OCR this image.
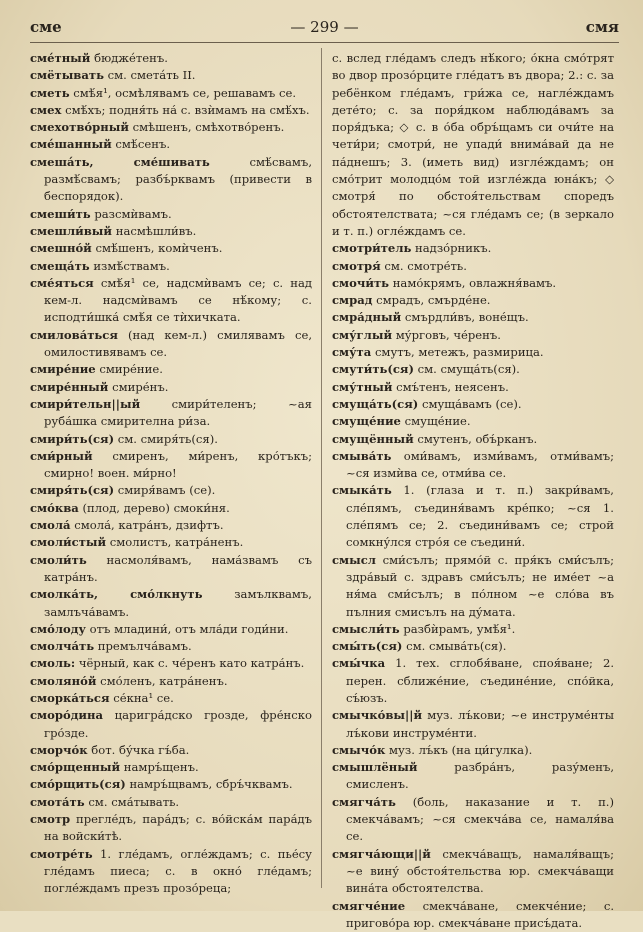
сме	— 299 —	смя

смéтный бюджéтенъ.

смётывать см. сметáть II.

сметь смѣ́я¹, осмѣлявамъ се, решавамъ се.

смех смѣ́хъ; подня́ть на́ с. взѝмамъ на смѣ́хъ.

смехотво́рный смѣшенъ, смѣхотво́ренъ.

смéшанный смѣ́сенъ.

смешáть, сме́шивать	смѣ́свамъ, размѣ́свамъ; разбъ́рквамъ (привести в беспорядок).

смеши́ть разсмѝвамъ.

смешли́вый насмѣшли́въ.

смешно́й смѣ́шенъ, комѝченъ.

смещáть измѣ́ствамъ.

сме́яться смѣ́я¹ се, надсмѝвамъ се; с. над кем-л. надсмѝвамъ се нѣ́кому; с. исподти́шка́ смѣ́я се тѝхичката.

смилова́ться (над кем-л.) смилявамъ се, омилостивявамъ се.

смире́ние смире́ние.

смире́нный смире́нъ.

смири́тельн||ый	смири́теленъ; ~ая руба́шка смирителна ри́за.

смири́ть(ся) см. смиря́ть(ся).

сми́рный смиренъ, ми́ренъ, кро́тъкъ; смирно! воен. ми́рно!

смиря́ть(ся) смиря́вамъ (се).

смо́ква (плод, дерево) смоки́ня.

смола́ смола́, катра́нъ, дзифтъ.

смоли́стый смолистъ, катра́ненъ.

смоли́ть насмоля́вамъ, нама́звамъ съ катра́нъ.

смолка́ть, смо́лкнуть	замълквамъ, замлъча́вамъ.

смо́лоду отъ младини́, отъ мла́ди годи́ни.

смолча́ть премълча́вамъ.

смоль: чёрный, как с. че́ренъ като катра́нъ.

смоляно́й смо́ленъ, катра́ненъ.

сморка́ться се́кна¹ се.

сморо́дина царигра́дско грозде, фре́нско гро́зде.

сморчо́к бот. бу́чка гъ́ба.

смо́рщенный намръ́щенъ.

смо́рщить(ся) намръ́щвамъ, сбръ́чквамъ.

смота́ть см. сма́тывать.

смотр прегле́дъ, пара́дъ; с. во́йска́м пара́дъ на войски́тѣ.

смотре́ть 1. гле́дамъ, огле́ждамъ; с. пье́су гле́дамъ пиеса; с. в окно́ гле́дамъ; погле́ждамъ презъ прозо́реца;

с. вслед гле́дамъ следъ нѣ́кого; о́кна смо́трят во двор прозо́рците гле́датъ въ двора; 2.: с. за ребёнком гле́дамъ, гри́жа се, нагле́ждамъ дете́то; с. за поря́дком наблюда́вамъ за поря́дъка; ◇ с. в о́ба обръ́щамъ си очи́те на чети́ри; смотри́, не упади́ внима́вай да не па́днешъ; 3. (иметь вид) изгле́ждамъ; он смо́трит молодцо́м той изгле́жда юна́къ; ◇ смотря́ по обстоя́тельствам споредъ обстоятелствата; ~ся гле́дамъ се; (в зеркало и т. п.) огле́ждамъ се.

смотри́тель надзо́рникъ.

смотря́ см. смотре́ть.

смочи́ть намо́крямъ, овлажня́вамъ.

смрад смрадъ, смърде́не.

смра́дный смърдли́въ, воне́щъ.

сму́глый му́рговъ, че́ренъ.

сму́та смутъ, метежъ, размирица.

смути́ть(ся) см. смуща́ть(ся).

сму́тный смъ́тенъ, неясенъ.

смуща́ть(ся) смуща́вамъ (се).

смуще́ние смуще́ние.

смущённый смутенъ, объ́рканъ.

смыва́ть оми́вамъ, изми́вамъ, отми́вамъ; ~ся измѝва се, отми́ва се.

смыка́ть 1. (глаза и т. п.) закри́вамъ, сле́пямъ, съединя́вамъ кре́пко; ~ся 1. сле́пямъ се; 2. съедини́вамъ се; строй сомкну́лся стро́я се съедини́.

смысл сми́сълъ; прямо́й с. пря́къ сми́сълъ; здра́вый с. здравъ сми́сълъ; не име́ет ~а ня́ма сми́сълъ; в по́лном ~е сло́ва въ пълния смисълъ на ду́мата.

смысли́ть разбѝрамъ, умѣ́я¹.

смы́ть(ся) см. смыва́ть(ся).

смы́чка 1. тех. сглобя́ване, споя́ване; 2. перен. сближе́ние, съедине́ние, спо́йка, съ́юзъ.

смычко́вы||й муз. лъ́кови; ~е инструме́нты лъ́кови инструме́нти.

смычо́к муз. лъ́къ (на ци́гулка).

смышлёный	разбра́нъ, разу́менъ, смисленъ.

смягча́ть (боль, наказание и т. п.) смекча́вамъ; ~ся смекча́ва се, намаля́ва се.

смягча́ющи||й смекча́ващъ, намаля́ващъ; ~е вину́ обстоя́тельства юр. смекча́ващи вина́та обстоятелства.

смягче́ние смекча́ване, смекче́ние; с. пригово́ра юр. смекча́ване присъ́дата.
